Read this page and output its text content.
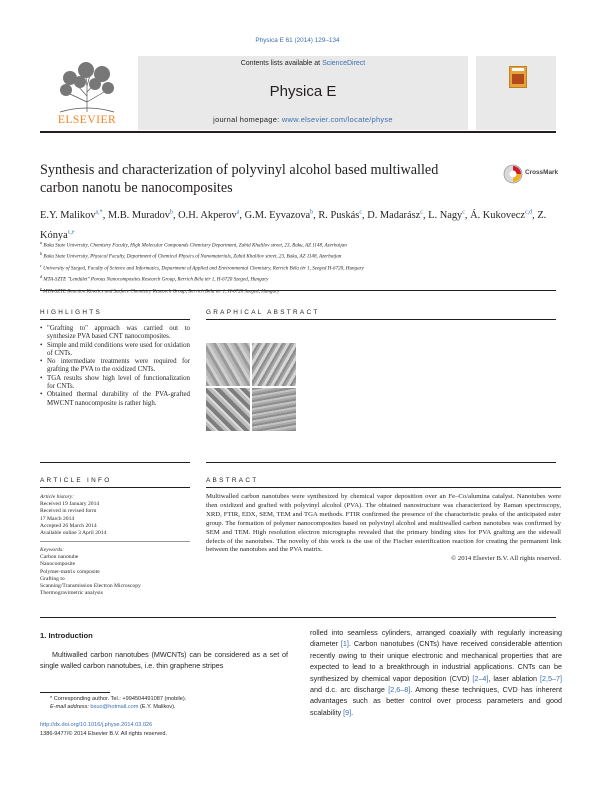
Physica E 61 (2014) 129–134
ELSEVIER
Contents lists available at ScienceDirect
Physica E
journal homepage: www.elsevier.com/locate/physe
Synthesis and characterization of polyvinyl alcohol based multiwalled carbon nanotu be nanocomposites
CrossMark
E.Y. Malikov$^{a,*}$, M.B. Muradov$^b$, O.H. Akperov$^a$, G.M. Eyvazova$^b$, R. Puskás$^c$, D. Madarász$^c$, L. Nagy$^c$, Á. Kukovecz$^{c,d}$, Z. Kónya$^{c,e}$
$^a$ Baku State University, Chemistry Faculty, High Molecular Compounds Chemistry Department, Zahid Khalilov street, 23, Baku, AZ 1148, Azerbaijan
$^b$ Baku State University, Physical Faculty, Department of Chemical Physics of Nanomaterials, Zahid Khalilov street, 23, Baku, AZ 1148, Azerbaijan
$^c$ University of Szeged, Faculty of Science and Informatics, Department of Applied and Environmental Chemistry, Rerrich Béla tér 1, Szeged H-6720, Hungary
$^d$ MTA-SZTE "Lendület" Porous Nanocomposites Research Group, Rerrich Béla tér 1, H-6720 Szeged, Hungary
$^e$ MTA-SZTE Reaction Kinetics and Surface Chemistry Research Group, Rerrich Béla tér 1, H-6720 Szeged, Hungary
HIGHLIGHTS
• "Grafting to" approach was carried out to synthesize PVA based CNT nanocomposites.
• Simple and mild conditions were used for oxidation of CNTs.
• No intermediate treatments were required for grafting the PVA to the oxidized CNTs.
• TGA results show high level of functionalization for CNTs.
• Obtained thermal durability of the PVA-grafted MWCNT nanocomposite is rather high.
GRAPHICAL ABSTRACT
ARTICLE INFO
Article history:
Received 19 January 2014
Received in revised form
17 March 2014
Accepted 26 March 2014
Available online 3 April 2014
Keywords:
Carbon nanotube
Nanocomposite
Polymer-matrix composite
Grafting to
Scanning/Transmission Electron Microscopy
Thermogravimetric analysis
ABSTRACT
Multiwalled carbon nanotubes were synthesized by chemical vapor deposition over an Fe–Co/alumina catalyst. Nanotubes were then oxidized and grafted with polyvinyl alcohol (PVA). The obtained nanostructure was characterized by Raman spectroscopy, XRD, FTIR, EDX, SEM, TEM and TGA methods. FTIR confirmed the presence of the characteristic peaks of the anticipated ester group. The formation of polymer nanocomposites based on polyvinyl alcohol and multiwalled carbon nanotubes was confirmed by SEM and TEM. High resolution electron micrographs revealed that the primary binding sites for PVA grafting are the sidewall defects of the nanotubes. The novelty of this work is the use of the Fischer esterification reaction for creating the permanent link between the nanotubes and the PVA matrix.
© 2014 Elsevier B.V. All rights reserved.
1. Introduction
Multiwalled carbon nanotubes (MWCNTs) can be considered as a set of single walled carbon nanotubes, i.e. thin graphene stripes
rolled into seamless cylinders, arranged coaxially with regularly increasing diameter [1]. Carbon nanotubes (CNTs) have received considerable attention recently owing to their unique electronic and mechanical properties that are expected to lead to a breakthrough in industrial applications. CNTs can be synthesized by chemical vapor deposition (CVD) [2–4], laser ablation [2,5–7] and d.c. arc discharge [2,6–8]. Among these techniques, CVD has inherent advantages such as better control over process parameters and good scalability [9].
* Corresponding author. Tel.: +994504491087 (mobile).
E-mail address: bsuo@hotmail.com (E.Y. Malikov).
http://dx.doi.org/10.1016/j.physe.2014.03.026
1386-9477/© 2014 Elsevier B.V. All rights reserved.
